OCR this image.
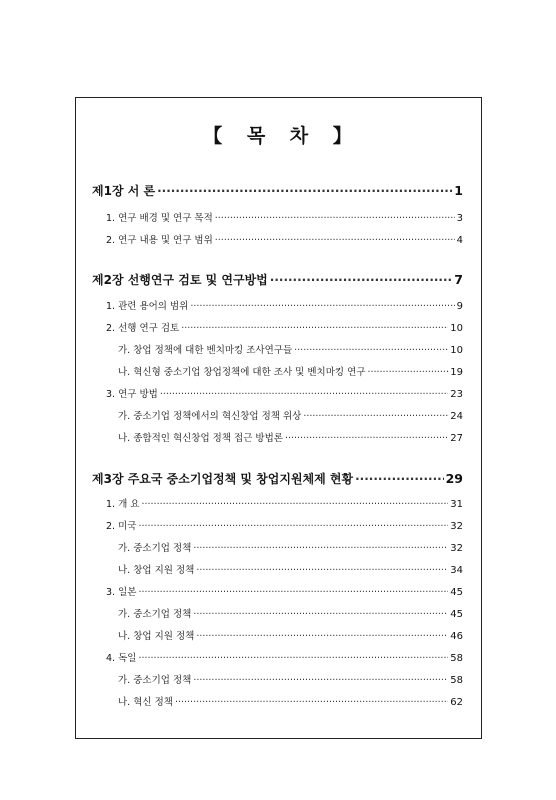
【 목 차 】
제1장 서 론 ·····	1
1. 연구 배경 및 연구 목적 ·····	3
2. 연구 내용 및 연구 범위 ·····	4
제2장 선행연구 검토 및 연구방법 ·····	7
1. 관련 용어의 범위 ·····	9
2. 선행 연구 검토 ·····	10
가. 창업 정책에 대한 벤치마킹 조사연구들 ·····	10
나. 혁신형 중소기업 창업정책에 대한 조사 및 벤치마킹 연구 ·····	19
3. 연구 방법 ·····	23
가. 중소기업 정책에서의 혁신창업 정책 위상 ·····	24
나. 종합적인 혁신창업 정책 접근 방법론 ·····	27
제3장 주요국 중소기업정책 및 창업지원체제 현황 ·····	29
1. 개 요 ·····	31
2. 미국 ·····	32
가. 중소기업 정책 ·····	32
나. 창업 지원 정책 ·····	34
3. 일본 ·····	45
가. 중소기업 정책 ·····	45
나. 창업 지원 정책 ·····	46
4. 독일 ·····	58
가. 중소기업 정책 ·····	58
나. 혁신 정책 ·····	62
